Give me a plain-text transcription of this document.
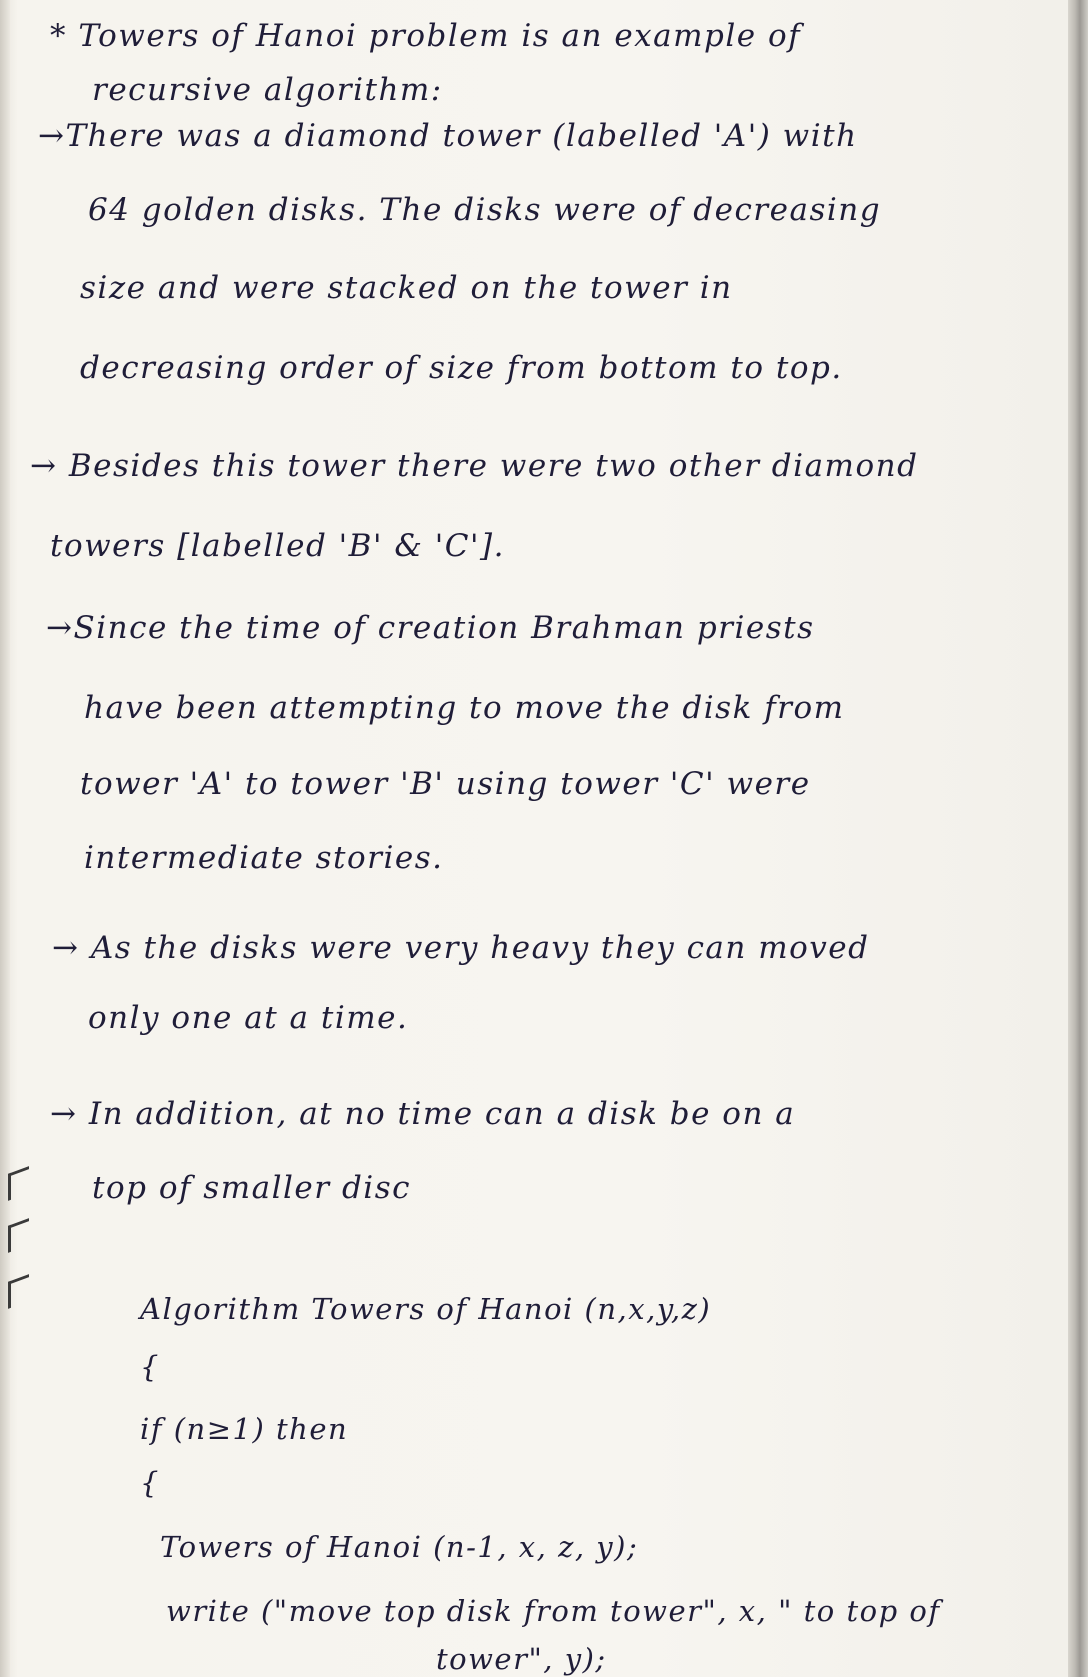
* Towers of Hanoi problem is an example of
recursive algorithm:
→There was a diamond tower (labelled 'A') with
64 golden disks. The disks were of decreasing
size and were stacked on the tower in
decreasing order of size from bottom to top.
→ Besides this tower there were two other diamond
towers [labelled 'B' & 'C'].
→Since the time of creation Brahman priests
have been attempting to move the disk from
tower 'A' to tower 'B' using tower 'C' were
intermediate stories.
→ As the disks were very heavy they can moved
only one at a time.
→ In addition, at no time can a disk be on a
top of smaller disc
Algorithm Towers of Hanoi (n,x,y,z)
{
if (n≥1) then
{
Towers of Hanoi (n-1, x, z, y);
write ("move top disk from tower", x, " to top of
tower", y);
